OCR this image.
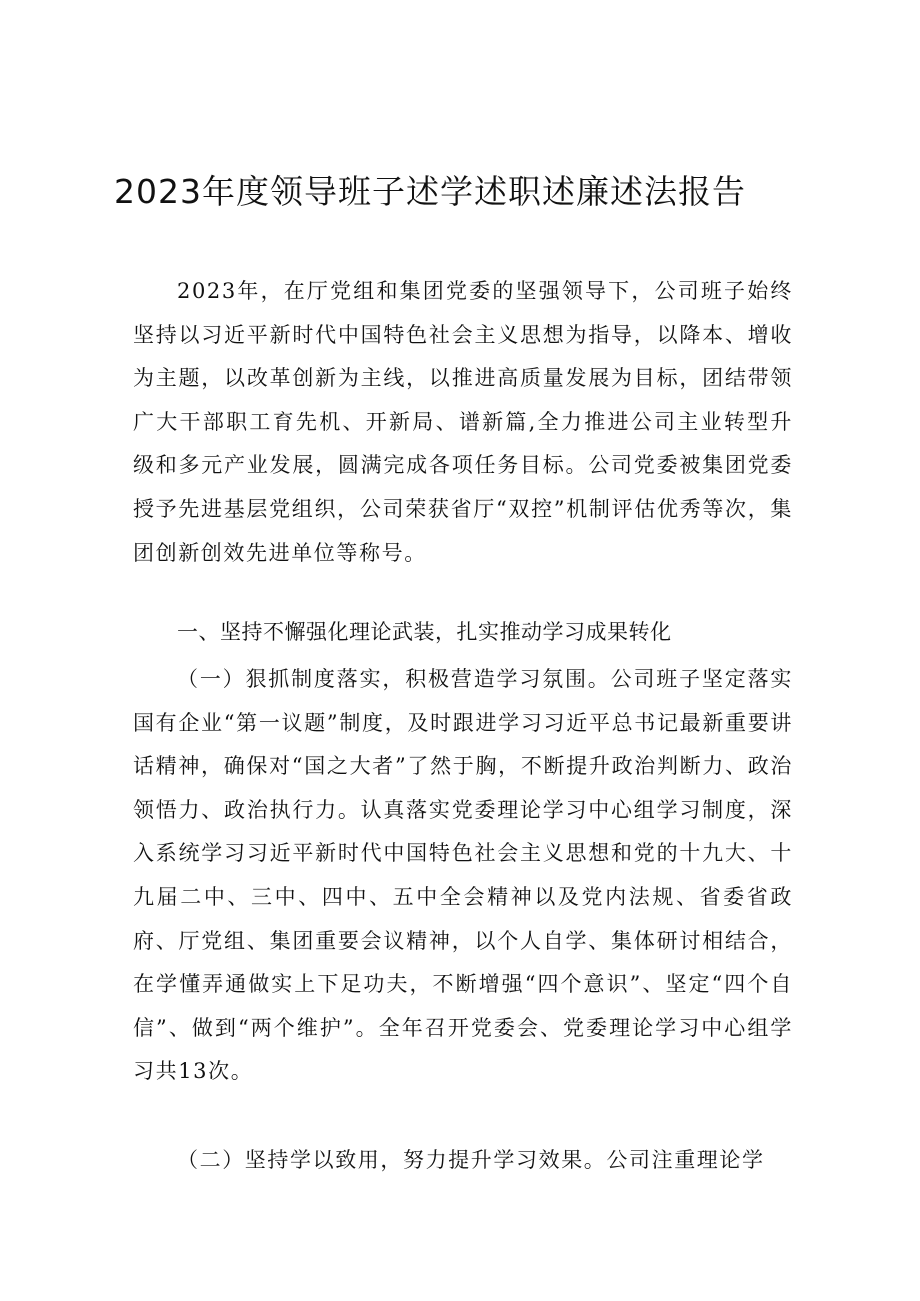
2023年度领导班子述学述职述廉述法报告

2023年，在厅党组和集团党委的坚强领导下，公司班子始终坚持以习近平新时代中国特色社会主义思想为指导，以降本、增收为主题，以改革创新为主线，以推进高质量发展为目标，团结带领广大干部职工育先机、开新局、谱新篇,全力推进公司主业转型升级和多元产业发展，圆满完成各项任务目标。公司党委被集团党委授予先进基层党组织，公司荣获省厅“双控”机制评估优秀等次，集团创新创效先进单位等称号。

一、坚持不懈强化理论武装，扎实推动学习成果转化

（一）狠抓制度落实，积极营造学习氛围。公司班子坚定落实国有企业“第一议题”制度，及时跟进学习习近平总书记最新重要讲话精神，确保对“国之大者”了然于胸，不断提升政治判断力、政治领悟力、政治执行力。认真落实党委理论学习中心组学习制度，深入系统学习习近平新时代中国特色社会主义思想和党的十九大、十九届二中、三中、四中、五中全会精神以及党内法规、省委省政府、厅党组、集团重要会议精神，以个人自学、集体研讨相结合，在学懂弄通做实上下足功夫，不断增强“四个意识”、坚定“四个自信”、做到“两个维护”。全年召开党委会、党委理论学习中心组学习共13次。

（二）坚持学以致用，努力提升学习效果。公司注重理论学
